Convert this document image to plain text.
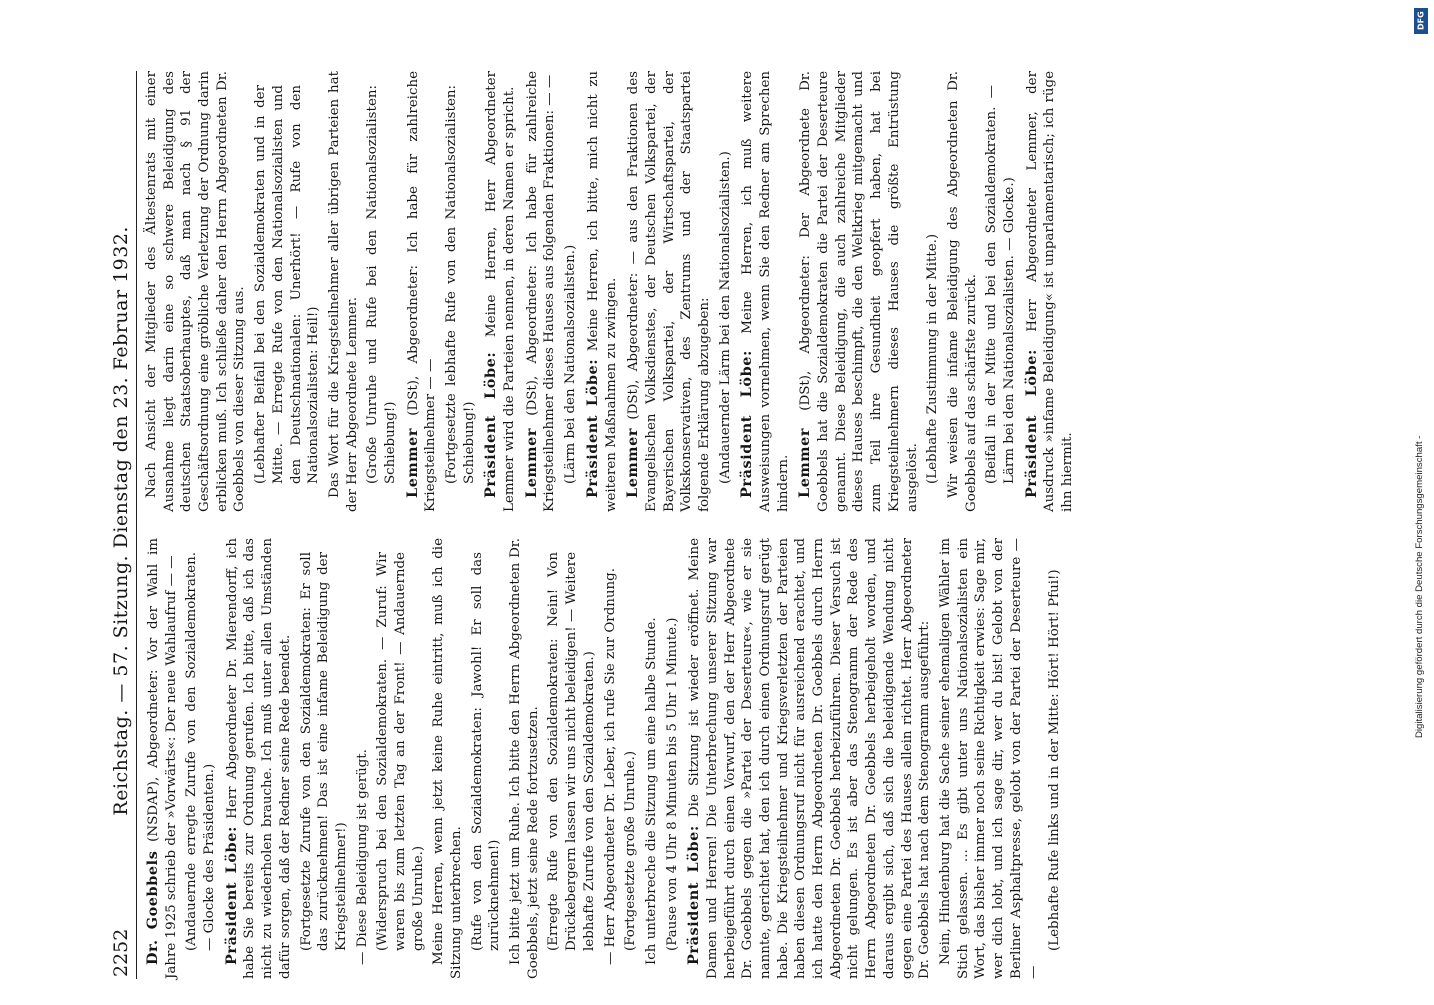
2252
Reichstag. — 57. Sitzung. Dienstag den 23. Februar 1932.

Dr. Goebbels (NSDAP), Abgeordneter: Vor der Wahl im Jahre 1925 schrieb der »Vorwärts«: Der neue Wahlaufruf — — (Andauernde erregte Zurufe von den Sozialdemokraten. — Glocke des Präsidenten.) Präsident Löbe: Herr Abgeordneter Dr. Mierendorff, ich habe Sie bereits zur Ordnung gerufen. Ich bitte, daß ich das nicht zu wiederholen brauche. Ich muß unter allen Umständen dafür sorgen, daß der Redner seine Rede beendet. (Fortgesetzte Zurufe von den Sozialdemokraten: Er soll das zurücknehmen! Das ist eine infame Beleidigung der Kriegsteilnehmer!) — Diese Beleidigung ist gerügt. (Widerspruch bei den Sozialdemokraten. — Zuruf: Wir waren bis zum letzten Tag an der Front! — Andauernde große Unruhe.) Meine Herren, wenn jetzt keine Ruhe eintritt, muß ich die Sitzung unterbrechen. (Rufe von den Sozialdemokraten: Jawohl! Er soll das zurücknehmen!) Ich bitte jetzt um Ruhe. Ich bitte den Herrn Abgeordneten Dr. Goebbels, jetzt seine Rede fortzusetzen. (Erregte Rufe von den Sozialdemokraten: Nein! Von Drückebergern lassen wir uns nicht beleidigen! — Weitere lebhafte Zurufe von den Sozialdemokraten.) — Herr Abgeordneter Dr. Leber, ich rufe Sie zur Ordnung. (Fortgesetzte große Unruhe.) Ich unterbreche die Sitzung um eine halbe Stunde. (Pause von 4 Uhr 8 Minuten bis 5 Uhr 1 Minute.) Präsident Löbe: Die Sitzung ist wieder eröffnet. Meine Damen und Herren! Die Unterbrechung unserer Sitzung war herbeigeführt durch einen Vorwurf, den der Herr Abgeordnete Dr. Goebbels gegen die »Partei der Deserteure«, wie er sie nannte, gerichtet hat, den ich durch einen Ordnungsruf gerügt habe. Die Kriegsteilnehmer und Kriegsverletzten der Parteien haben diesen Ordnungsruf nicht für ausreichend erachtet, und ich hatte den Herrn Abgeordneten Dr. Goebbels durch Herrn Abgeordneten Dr. Goebbels herbeizuführen. Dieser Versuch ist nicht gelungen. Es ist aber das Stenogramm der Rede des Herrn Abgeordneten Dr. Goebbels herbeigeholt worden, und daraus ergibt sich, daß sich die beleidigende Wendung nicht gegen eine Partei des Hauses allein richtet. Herr Abgeordneter Dr. Goebbels hat nach dem Stenogramm ausgeführt: Nein, Hindenburg hat die Sache seiner ehemaligen Wähler im Stich gelassen. ... Es gibt unter uns Nationalsozialisten ein Wort, das bisher immer noch seine Richtigkeit erwies: Sage mir, wer dich lobt, und ich sage dir, wer du bist! Gelobt von der Berliner Asphaltpresse, gelobt von der Partei der Deserteure — —

(Lebhafte Rufe links und in der Mitte: Hört! Hört! Pfui!)

Nach Ansicht der Mitglieder des Ältestenrats mit einer Ausnahme liegt darin eine so schwere Beleidigung des deutschen Staatsoberhauptes, daß man nach § 91 der Geschäftsordnung eine gröbliche Verletzung der Ordnung darin erblicken muß. Ich schließe daher den Herrn Abgeordneten Dr. Goebbels von dieser Sitzung aus. (Lebhafter Beifall bei den Sozialdemokraten und in der Mitte. — Erregte Rufe von den Nationalsozialisten und den Deutschnationalen: Unerhört! — Rufe von den Nationalsozialisten: Heil!) Das Wort für die Kriegsteilnehmer aller übrigen Parteien hat der Herr Abgeordnete Lemmer. (Große Unruhe und Rufe bei den Nationalsozialisten: Schiebung!) Lemmer (DSt), Abgeordneter: Ich habe für zahlreiche Kriegsteilnehmer — — (Fortgesetzte lebhafte Rufe von den Nationalsozialisten: Schiebung!) Präsident Löbe: Meine Herren, Herr Abgeordneter Lemmer wird die Parteien nennen, in deren Namen er spricht. Lemmer (DSt), Abgeordneter: Ich habe für zahlreiche Kriegsteilnehmer dieses Hauses aus folgenden Fraktionen: — — (Lärm bei den Nationalsozialisten.) Präsident Löbe: Meine Herren, ich bitte, mich nicht zu weiteren Maßnahmen zu zwingen. Lemmer (DSt), Abgeordneter: — aus den Fraktionen des Evangelischen Volksdienstes, der Deutschen Volkspartei, der Bayerischen Volkspartei, der Wirtschaftspartei, der Volkskonservativen, des Zentrums und der Staatspartei folgende Erklärung abzugeben: (Andauernder Lärm bei den Nationalsozialisten.) Präsident Löbe: Meine Herren, ich muß weitere Ausweisungen vornehmen, wenn Sie den Redner am Sprechen hindern. Lemmer (DSt), Abgeordneter: Der Abgeordnete Dr. Goebbels hat die Sozialdemokraten die Partei der Deserteure genannt. Diese Beleidigung, die auch zahlreiche Mitglieder dieses Hauses beschimpft, die den Weltkrieg mitgemacht und zum Teil ihre Gesundheit geopfert haben, hat bei Kriegsteilnehmern dieses Hauses die größte Entrüstung ausgelöst. (Lebhafte Zustimmung in der Mitte.) Wir weisen die infame Beleidigung des Abgeordneten Dr. Goebbels auf das schärfste zurück. (Beifall in der Mitte und bei den Sozialdemokraten. — Lärm bei den Nationalsozialisten. — Glocke.) Präsident Löbe: Herr Abgeordneter Lemmer, der Ausdruck »infame Beleidigung« ist unparlamentarisch; ich rüge ihn hiermit.

DFG
Digitalisierung gefördert durch die Deutsche Forschungsgemeinschaft -
